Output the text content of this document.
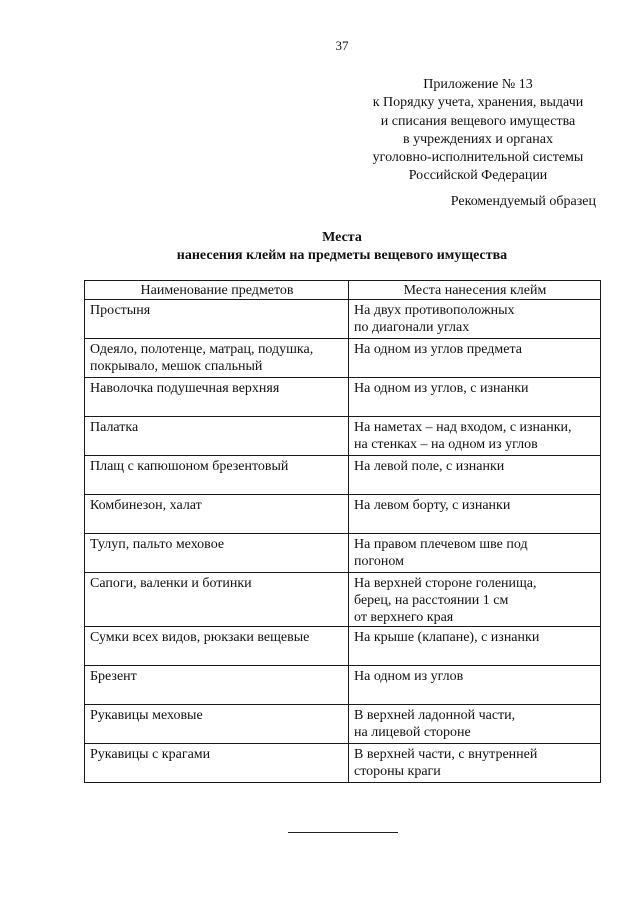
37
Приложение № 13
к Порядку учета, хранения, выдачи
и списания вещевого имущества
в учреждениях и органах
уголовно-исполнительной системы
Российской Федерации
Рекомендуемый образец
Места
нанесения клейм на предметы вещевого имущества
Наименование предметов	Места нанесения клейм
Простыня	На двух противоположных
по диагонали углах
Одеяло, полотенце, матрац, подушка,
покрывало, мешок спальный	На одном из углов предмета
Наволочка подушечная верхняя	На одном из углов, с изнанки
Палатка	На наметах – над входом, с изнанки,
на стенках – на одном из углов
Плащ с капюшоном брезентовый	На левой поле, с изнанки
Комбинезон, халат	На левом борту, с изнанки
Тулуп, пальто меховое	На правом плечевом шве под
погоном
Сапоги, валенки и ботинки	На верхней стороне голенища,
берец, на расстоянии 1 см
от верхнего края
Сумки всех видов, рюкзаки вещевые	На крыше (клапане), с изнанки
Брезент	На одном из углов
Рукавицы меховые	В верхней ладонной части,
на лицевой стороне
Рукавицы с крагами	В верхней части, с внутренней
стороны краги
